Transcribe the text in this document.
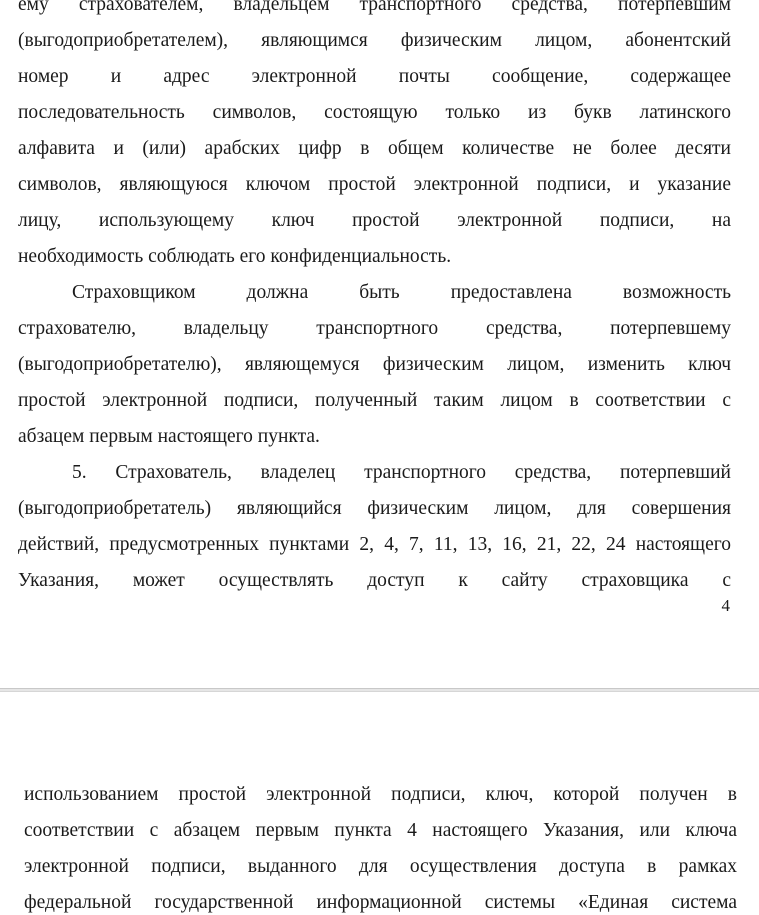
ему страхователем, владельцем транспортного средства, потерпевшим
(выгодоприобретателем), являющимся физическим лицом, абонентский
номер и адрес электронной почты сообщение, содержащее
последовательность символов, состоящую только из букв латинского
алфавита и (или) арабских цифр в общем количестве не более десяти
символов, являющуюся ключом простой электронной подписи, и указание
лицу, использующему ключ простой электронной подписи, на
необходимость соблюдать его конфиденциальность.
Страховщиком должна быть предоставлена возможность
страхователю, владельцу транспортного средства, потерпевшему
(выгодоприобретателю), являющемуся физическим лицом, изменить ключ
простой электронной подписи, полученный таким лицом в соответствии с
абзацем первым настоящего пункта.
5. Страхователь, владелец транспортного средства, потерпевший
(выгодоприобретатель) являющийся физическим лицом, для совершения
действий, предусмотренных пунктами 2, 4, 7, 11, 13, 16, 21, 22, 24 настоящего
Указания, может осуществлять доступ к сайту страховщика с
4
использованием простой электронной подписи, ключ, которой получен в
соответствии с абзацем первым пункта 4 настоящего Указания, или ключа
электронной подписи, выданного для осуществления доступа в рамках
федеральной государственной информационной системы «Единая система
